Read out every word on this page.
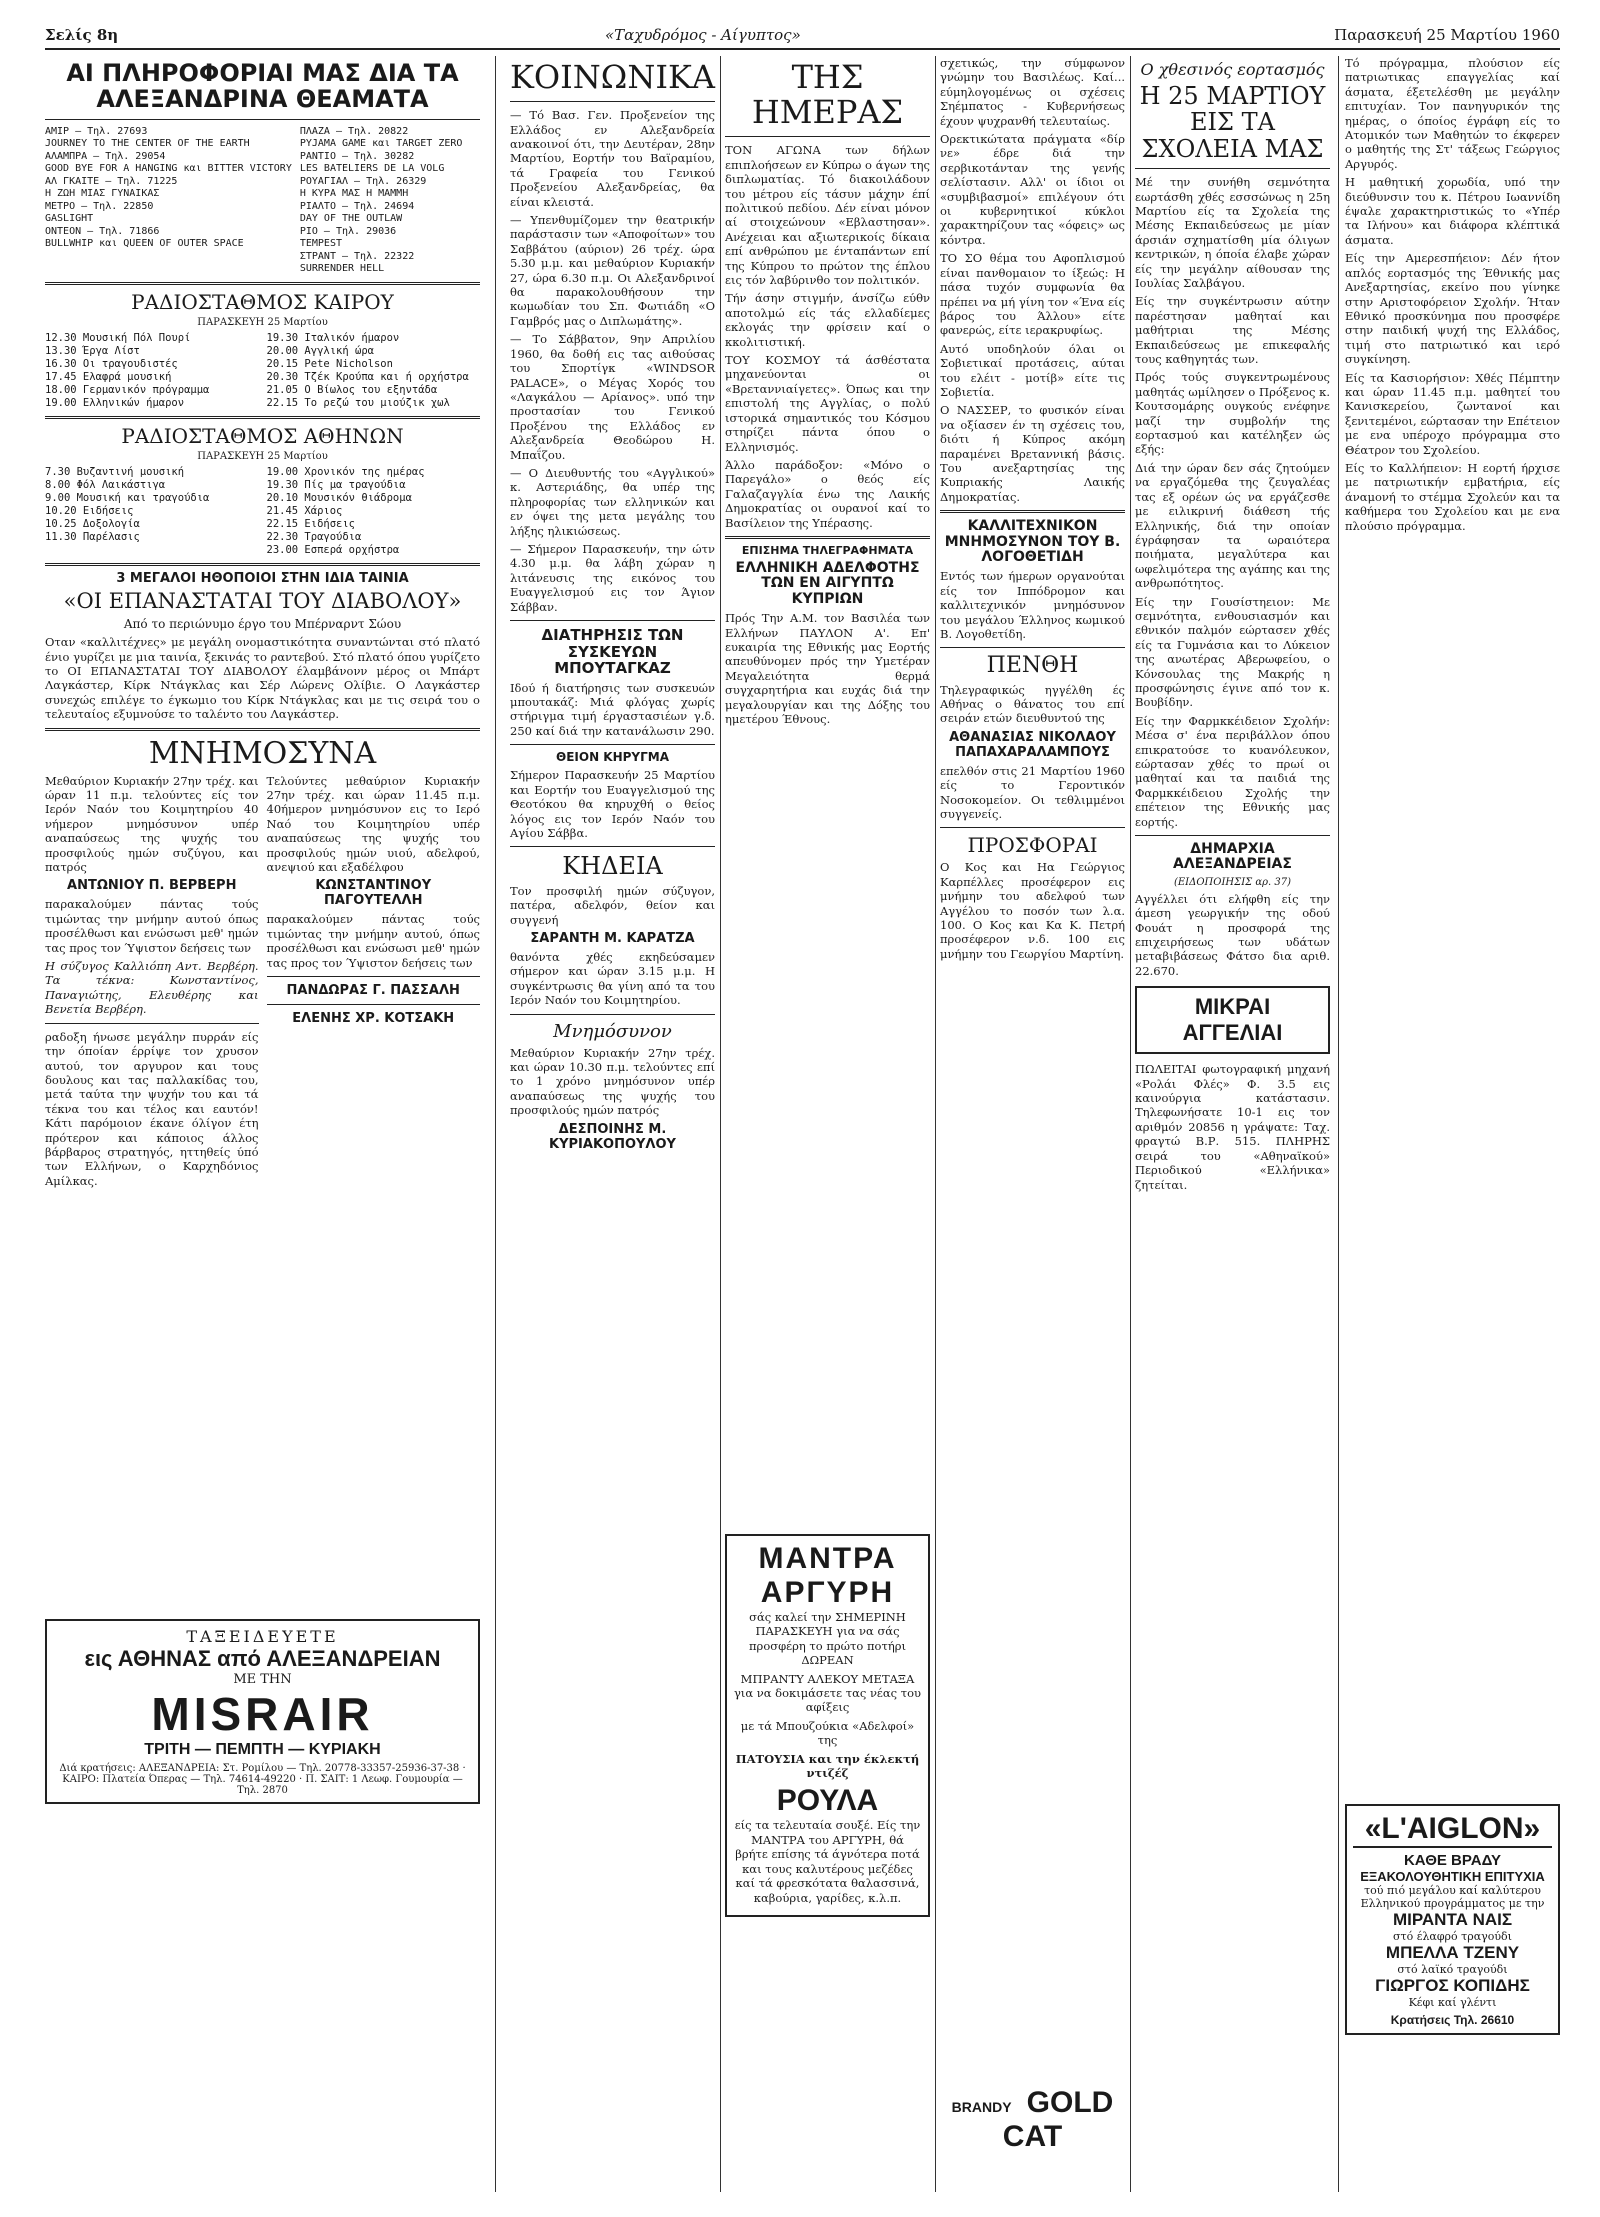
Σελίς 8η	«Ταχυδρόμος - Αίγυπτος»	Παρασκευή 25 Μαρτίου 1960
ΑΙ ΠΛΗΡΟΦΟΡΙΑΙ ΜΑΣ ΔΙΑ ΤΑ ΑΛΕΞΑΝΔΡΙΝΑ ΘΕΑΜΑΤΑ
ΑΜΙΡ — Τηλ. 27693
JOURNEY TO THE CENTER OF THE EARTH
ΑΛΑΜΠΡΑ — Τηλ. 29054
GOOD BYE FOR A HANGING και BITTER VICTORY
ΑΛ ΓΚΑΙΤΕ — Τηλ. 71225
Η ΖΩΗ ΜΙΑΣ ΓΥΝΑΙΚΑΣ
ΜΕΤΡΟ — Τηλ. 22850
GASLIGHT
ΟΝΤΕΟΝ — Τηλ. 71866
BULLWHIP και QUEEN OF OUTER SPACE
ΠΛΑΖΑ — Τηλ. 20822
PYJAMA GAME και TARGET ZERO
ΡΑΝΤΙΟ — Τηλ. 30282
LES BATELIERS DE LA VOLG
ΡΟΥΑΓΙΑΛ — Τηλ. 26329
Η ΚΥΡΑ ΜΑΣ Η ΜΑΜΜΗ
ΡΙΑΛΤΟ — Τηλ. 24694
DAY OF THE OUTLAW
ΡΙΟ — Τηλ. 29036
TEMPEST
ΣΤΡΑΝΤ — Τηλ. 22322
SURRENDER HELL
ΡΑΔΙΟΣΤΑΘΜΟΣ ΚΑΙΡΟΥ
ΠΑΡΑΣΚΕΥΗ 25 Μαρτίου
12.30 Μουσική Πόλ Πουρί
13.30 Έργα Λίστ
16.30 Οι τραγουδιστές
17.45 Ελαφρά μουσική
18.00 Γερμανικόν πρόγραμμα
19.00 Ελληνικών ήμαρον
19.30 Ιταλικόν ήμαρον
20.00 Αγγλική ώρα
20.15 Pete Nicholson
20.30 Τζέκ Κρούπα και ή ορχήστρα
21.05 Ο Βίωλος του εξηντάδα
22.15 Το ρεζώ του μιούζικ χωλ
ΡΑΔΙΟΣΤΑΘΜΟΣ ΑΘΗΝΩΝ
ΠΑΡΑΣΚΕΥΗ 25 Μαρτίου
7.30 Βυζαντινή μουσική
8.00 Φόλ Λαικάστιγα
9.00 Μουσική και τραγούδια
10.20 Ειδήσεις
10.25 Δοξολογία
11.30 Παρέλασις
19.00 Χρονικόν της ημέρας
19.30 Πίς μα τραγούδια
20.10 Μουσικόν θιάδρομα
21.45 Χάριος
22.15 Ειδήσεις
22.30 Τραγούδια
23.00 Εσπερά ορχήστρα
3 ΜΕΓΑΛΟΙ ΗΘΟΠΟΙΟΙ ΣΤΗΝ ΙΔΙΑ ΤΑΙΝΙΑ
«ΟΙ ΕΠΑΝΑΣΤΑΤΑΙ ΤΟΥ ΔΙΑΒΟΛΟΥ»
Από το περιώνυμο έργο του Μπέρναρντ Σώου

Οταν «καλλιτέχνες» με μεγάλη ονομαστικότητα συναντώνται στό πλατό ένιο γυρίζει με μια ταινία, ξεκινάς το ραντεβού. Στό πλατό όπου γυρίζετο το ΟΙ ΕΠΑΝΑΣΤΑΤΑΙ ΤΟΥ ΔΙΑΒΟΛΟΥ έλαμβάνονν μέρος οι Μπάρτ Λαγκάστερ, Κίρκ Ντάγκλας και Σέρ Λώρενς Ολίβιε. Ο Λαγκάστερ συνεχώς επιλέγε το έγκωμιο του Κίρκ Ντάγκλας και με τις σειρά του ο τελευταίος εξυμνούσε το ταλέντο του Λαγκάστερ.

ΜΝΗΜΟΣΥΝΑ

Μεθαύριον Κυριακήν 27ην τρέχ. και ώραν 11 π.μ. τελούντες είς τον Ιερόν Ναόν του Κοιμητηρίου 40 νήμερον μνημόσυνον υπέρ αναπαύσεως της ψυχής του προσφιλούς ημών συζύγου, και πατρός

ΑΝΤΩΝΙΟΥ Π. ΒΕΡΒΕΡΗ

παρακαλούμεν πάντας τούς τιμώντας την μνήμην αυτού όπως προσέλθωσι και ενώσωσι μεθ' ημών τας προς τον Ύψιστον δεήσεις των

Η σύζυγος Καλλιόπη Αντ. Βερβέρη. Τα τέκνα: Κωνσταντίνος, Παναγιώτης, Ελευθέρης και Βενετία Βερβέρη.

ραδοξη ήνωσε μεγάλην πυρράν είς την όποίαν έρρίψε τον χρυσον αυτού, τον αργυρον και τους δουλους και τας παλλακίδας του, μετά ταύτα την ψυχήν του και τά τέκνα του και τέλος και εαυτόν! Κάτι παρόμοιον έκανε όλίγον έτη πρότερον και κάποιος άλλος βάρβαρος στρατηγός, ηττηθείς ύπό των Ελλήνων, ο Καρχηδόνιος Αμίλκας.

Τελούντες μεθαύριον Κυριακήν 27ην τρέχ. και ώραν 11.45 π.μ. 40ήμερον μνημόσυνον εις το Ιερό Ναό του Κοιμητηρίου υπέρ αναπαύσεως της ψυχής του προσφιλούς ημών υιού, αδελφού, ανεψιού και εξαδέλφου

ΚΩΝΣΤΑΝΤΙΝΟΥ ΠΑΓΟΥΤΕΛΛΗ

παρακαλούμεν πάντας τούς τιμώντας την μνήμην αυτού, όπως προσέλθωσι και ενώσωσι μεθ' ημών τας προς τον Ύψιστον δεήσεις των

ΠΑΝΔΩΡΑΣ Γ. ΠΑΣΣΑΛΗ
ΕΛΕΝΗΣ ΧΡ. ΚΟΤΣΑΚΗ
ΤΑΞΕΙΔΕΥΕΤΕ
εις ΑΘΗΝΑΣ από ΑΛΕΞΑΝΔΡΕΙΑΝ
ΜΕ ΤΗΝ
MISRAIR
ΤΡΙΤΗ — ΠΕΜΠΤΗ — ΚΥΡΙΑΚΗ
Διά κρατήσεις: ΑΛΕΞΑΝΔΡΕΙΑ: Στ. Ρομίλου — Τηλ. 20778-33357-25936-37-38 · ΚΑΙΡΟ: Πλατεία Όπερας — Τηλ. 74614-49220 · Π. ΣΑΙΤ: 1 Λεωφ. Γουμουρία — Τηλ. 2870
ΚΟΙΝΩΝΙΚΑ

— Τό Βασ. Γεν. Προξενείον της Ελλάδος εν Αλεξανδρεία ανακοινοί ότι, την Δευτέραν, 28ην Μαρτίου, Εορτήν του Βαϊραμίου, τά Γραφεία του Γενικού Προξενείου Αλεξανδρείας, θα είναι κλειστά.

— Υπενθυμίζομεν την θεατρικήν παράστασιν των «Αποφοίτων» του Σαββάτου (αύριον) 26 τρέχ. ώρα 5.30 μ.μ. και μεθαύριον Κυριακήν 27, ώρα 6.30 π.μ. Οι Αλεξανδρινοί θα παρακολουθήσουν την κωμωδίαν του Σπ. Φωτιάδη «Ο Γαμβρός μας ο Διπλωμάτης».

— Το Σάββατον, 9ην Απριλίου 1960, θα δοθή εις τας αιθούσας του Σπορτίγκ «WINDSOR PALACE», ο Μέγας Χορός του «Λαγκάλου — Αρίανος». υπό την προστασίαν του Γενικού Προξένου της Ελλάδος εν Αλεξανδρεία Θεοδώρου Η. Μπαΐζου.

— Ο Διευθυντής του «Αγγλικού» κ. Αστεριάδης, θα υπέρ της πληροφορίας των ελληνικών και εν όψει της μετα μεγάλης του λήξης ηλικιώσεως.

— Σήμερον Παρασκευήν, την ώτν 4.30 μ.μ. θα λάβη χώραν η λιτάνευσις της εικόνος του Ευαγγελισμού εις τον Άγιον Σάββαν.

ΔΙΑΤΗΡΗΣΙΣ ΤΩΝ ΣΥΣΚΕΥΩΝ ΜΠΟΥΤΑΓΚΑΖ

Ιδού ή διατήρησις των συσκευών μπουτακάζ: Μιά φλόγας χωρίς στήριγμα τιμή έργαστασιέων γ.δ. 250 καί διά την κατανάλωσιν 290.

ΘΕΙΟΝ ΚΗΡΥΓΜΑ

Σήμερον Παρασκευήν 25 Μαρτίου και Εορτήν του Ευαγγελισμού της Θεοτόκου θα κηρυχθή ο θείος λόγος εις τον Ιερόν Ναόν του Αγίου Σάββα.

ΚΗΔΕΙΑ

Τον προσφιλή ημών σύζυγον, πατέρα, αδελφόν, θείον και συγγενή

ΣΑΡΑΝΤΗ Μ. ΚΑΡΑΤΖΑ

θανόντα χθές εκηδεύσαμεν σήμερον και ώραν 3.15 μ.μ. Η συγκέντρωσις θα γίνη από τα του Ιερόν Ναόν του Κοιμητηρίου.

Μνημόσυνον

Μεθαύριον Κυριακήν 27ην τρέχ. και ώραν 10.30 π.μ. τελούντες επί το 1 χρόνο μνημόσυνον υπέρ αναπαύσεως της ψυχής του προσφιλούς ημών πατρός

ΔΕΣΠΟΙΝΗΣ Μ. ΚΥΡΙΑΚΟΠΟΥΛΟΥ
ΤΗΣ ΗΜΕΡΑΣ

ΤΟΝ ΑΓΩΝΑ των δήλων επιπλοήσεων εν Κύπρω ο άγων της διπλωματίας. Τό διακοιλάδουν του μέτρου είς τάσυν μάχην έπί πολιτικού πεδίου. Δέν είναι μόνον αί στοιχεώνουν «Εβλαστησαν». Ανέχειαι και αξιωτερικοίς δίκαια επί ανθρώπου με ένταπάντων επί της Κύπρου το πρώτον της έπλου εις τόν λαβύρινθο τον πολιτικόν.

Τήν άσην στιγμήν, άνσίζω εύθν αποτολμώ είς τάς ελλαδίεμες εκλογάς την φρίσειν καί ο κκολιτιστική.

ΤΟΥ ΚΟΣΜΟΥ τά άσθέστατα μηχανεύονται οι «Βρεταννιαίγετες». Όπως και την επιστολή της Αγγλίας, ο πολύ ιστορικά σημαντικός του Κόσμου στηρίζει πάντα όπου ο Ελληνισμός.

Άλλο παράδοξον: «Μόνο ο Παρεγάλο» ο θεός είς Γαλαζαγγλία ένω της Λαικής Δημοκρατίας οι ουρανοί καί το Βασίλειον της Υπέρασης.

ΕΠΙΣΗΜΑ ΤΗΛΕΓΡΑΦΗΜΑΤΑ
ΕΛΛΗΝΙΚΗ ΑΔΕΛΦΟΤΗΣ ΤΩΝ ΕΝ ΑΙΓΥΠΤΩ ΚΥΠΡΙΩΝ

Πρός Την Α.Μ. τον Βασιλέα των Ελλήνων ΠΑΥΛΟΝ Α'. Επ' ευκαιρία της Εθνικής μας Εορτής απευθύνομεν πρός την Υμετέραν Μεγαλειότητα θερμά συγχαρητήρια και ευχάς διά την μεγαλουργίαν και της Δόξης του ημετέρου Έθνους.

ΜΑΝΤΡΑ ΑΡΓΥΡΗ

σάς καλεί την ΣΗΜΕΡΙΝΗ ΠΑΡΑΣΚΕΥΗ για να σάς προσφέρη το πρώτο ποτήρι ΔΩΡΕΑΝ

ΜΠΡΑΝΤΥ ΑΛΕΚΟΥ ΜΕΤΑΞΑ για να δοκιμάσετε τας νέας του αφίξεις

με τά Μπουζούκια «Αδελφοί» της

ΠΑΤΟΥΣΙΑ και την έκλεκτή ντιζέζ

ΡΟΥΛΑ

είς τα τελευταία σουξέ. Είς την ΜΑΝΤΡΑ του ΑΡΓΥΡΗ, θά βρήτε επίσης τά άγνότερα ποτά και τους καλυτέρους μεζέδες καί τά φρεσκότατα θαλασσινά, καβούρια, γαρίδες, κ.λ.π.

σχετικώς, την σύμφωνον γνώμην του Βασιλέως. Καί... εύμηλογομένως οι σχέσεις Σηέμπατος - Κυβερνήσεως έχουν ψυχρανθή τελευταίως.

Ορεκτικώτατα πράγματα «δίρ νε» έδρε διά την σερβικοτάνταν της γενής σελίστασιν. Αλλ' οι ίδιοι οι «συμβιβασμοί» επιλέγουν ότι οι κυβερνητικοί κύκλοι χαρακτηρίζουν τας «όφεις» ως κόντρα.

ΤΟ ΣΟ θέμα του Αφοπλισμού είναι πανθομαιον το ίξεώς: Η πάσα τυχόν συμφωνία θα πρέπει να μή γίνη τον «Ένα είς βάρος του Άλλου» είτε φανερώς, είτε ιερακρυφίως.

Αυτό υποδηλούν όλαι οι Σοβιετικαί προτάσεις, αύται του ελέιτ - μοτίβ» είτε τις Σοβιετία.

Ο ΝΑΣΣΕΡ, το φυσικόν είναι να οξίασεν έν τη σχέσεις του, διότι ή Κύπρος ακόμη παραμένει Βρεταννική βάσις. Του ανεξαρτησίας της Κυπριακής Λαικής Δημοκρατίας.

ΚΑΛΛΙΤΕΧΝΙΚΟΝ ΜΝΗΜΟΣΥΝΟΝ ΤΟΥ Β. ΛΟΓΟΘΕΤΙΔΗ

Εντός των ήμερων οργανούται είς τον Ιππόδρομον και καλλιτεχνικόν μνημόσυνον του μεγάλου Έλληνος κωμικού Β. Λογοθετίδη.

ΠΕΝΘΗ

Τηλεγραφικώς ηγγέλθη ές Αθήνας ο θάνατος του επί σειράν ετών διευθυντού της

ΑΘΑΝΑΣΙΑΣ ΝΙΚΟΛΑΟΥ ΠΑΠΑΧΑΡΑΛΑΜΠΟΥΣ

επελθόν στις 21 Μαρτίου 1960 είς το Γεροντικόν Νοσοκομείον. Οι τεθλιμμένοι συγγενείς.

ΠΡΟΣΦΟΡΑΙ

Ο Κος και Ηα Γεώργιος Καρπέλλες προσέφερον εις μνήμην του αδελφού των Αγγέλου το ποσόν των λ.α. 100. Ο Κος και Κα Κ. Πετρή προσέφερον ν.δ. 100 εις μνήμην του Γεωργίου Μαρτίνη.

BRANDY GOLD CAT
Ο χθεσινός εορτασμός
Η 25 ΜΑΡΤΙΟΥ ΕΙΣ ΤΑ ΣΧΟΛΕΙΑ ΜΑΣ

Μέ την συνήθη σεμνότητα εωρτάσθη χθές εσσσώνως η 25η Μαρτίου είς τα Σχολεία της Μέσης Εκπαιδεύσεως με μίαν άρσιάν σχηματίσθη μία όλιγων κεντρικών, η όποία έλαβε χώραν είς την μεγάλην αίθουσαν της Ιουλίας Σαλβάγου.

Είς την συγκέντρωσιν αύτην παρέστησαν μαθηταί και μαθήτριαι της Μέσης Εκπαιδεύσεως με επικεφαλής τους καθηγητάς των.

Πρός τούς συγκεντρωμένους μαθητάς ωμίλησεν ο Πρόξενος κ. Κουτσομάρης ουγκούς ενέφηνε μαζί την συμβολήν της εορτασμού και κατέληξεν ώς εξής:

Διά την ώραν δεν σάς ζητούμεν να εργαζόμεθα της ζευγαλέας τας εξ ορέων ώς να εργάζεσθε με ειλικρινή διάθεση τής Ελληνικής, διά την οποίαν έγράφησαν τα ωραιότερα ποιήματα, μεγαλύτερα και ωφελιμότερα της αγάπης και της ανθρωπότητος.

Είς την Γουσίστηειον: Με σεμνότητα, ενθουσιασμόν και εθνικόν παλμόν εώρτασεν χθές είς τα Γυμνάσια και το Λύκειον της ανωτέρας Αβερωφείου, ο Κόνσουλας της Μακρής η προσφώνησις έγινε από τον κ. Βουβίδην.

Είς την Φαρμκκέιδειον Σχολήν: Μέσα σ' ένα περιβάλλον όπου επικρατούσε το κυανόλευκον, εώρτασαν χθές το πρωί οι μαθηταί και τα παιδιά της Φαρμκκέιδειου Σχολής την επέτειον της Εθνικής μας εορτής.

ΔΗΜΑΡΧΙΑ ΑΛΕΞΑΝΔΡΕΙΑΣ
(ΕΙΔΟΠΟΙΗΣΙΣ αρ. 37)

Αγγέλλει ότι ελήφθη είς την άμεση γεωργικήν της οδού Φουάτ η προσφορά της επιχειρήσεως των υδάτων μεταβιβάσεως Φάτσο δια αριθ. 22.670.

ΜΙΚΡΑΙ ΑΓΓΕΛΙΑΙ

ΠΩΛΕΙΤΑΙ φωτογραφική μηχανή «Ρολάι Φλές» Φ. 3.5 εις καινούργια κατάστασιν. Τηλεφωνήσατε 10-1 εις τον αριθμόν 20856 η γράψατε: Ταχ. φραγτώ Β.Ρ. 515. ΠΛΗΡΗΣ σειρά του «Αθηναϊκού» Περιοδικού «Ελλήνικα» ζητείται.

Τό πρόγραμμα, πλούσιον είς πατριωτικας επαγγελίας καί άσματα, έξετελέσθη με μεγάλην επιτυχίαν. Τον πανηγυρικόν της ημέρας, ο όποίος έγράφη είς το Ατομικόν των Μαθητών το έκφερεν ο μαθητής της Στ' τάξεως Γεώργιος Αργυρός.

Η μαθητική χορωδία, υπό την διεύθυνσιν του κ. Πέτρου Ιωαννίδη έψαλε χαρακτηριστικώς το «Υπέρ τα Ιλήνου» και διάφορα κλέπτικά άσματα.

Είς την Αμερεσπήειον: Δέν ήτον απλός εορτασμός της Έθνικής μας Ανεξαρτησίας, εκείνο που γίνηκε στην Αριστοφόρειον Σχολήν. Ήταν Εθνικό προσκύνημα που προσφέρε στην παιδική ψυχή της Ελλάδος, τιμή στο πατριωτικό και ιερό συγκίνηση.

Είς τα Κασιορήσιον: Χθές Πέμπτην και ώραν 11.45 π.μ. μαθητεί του Κανισκερείου, ζωντανοί και ξενιτεμένοι, εώρτασαν την Επέτειον με ενα υπέροχο πρόγραμμα στο Θέατρον του Σχολείου.

Είς το Καλλήπειον: Η εορτή ήρχισε με πατριωτικήν εμβατήρια, είς άναμονή το στέμμα Σχολεύν και τα καθήμερα του Σχολείου και με ενα πλούσιο πρόγραμμα.

«L'AIGLON»
ΚΑΘΕ ΒΡΑΔΥ
ΕΞΑΚΟΛΟΥΘΗΤΙΚΗ ΕΠΙΤΥΧΙΑ
τού πιό μεγάλου καί καλύτερου Ελληνικού προγράμματος με την
ΜΙΡΑΝΤΑ ΝΑΙΣ
στό έλαφρό τραγούδι
ΜΠΕΛΛΑ ΤΖΕΝΥ
στό λαϊκό τραγούδι
ΓΙΩΡΓΟΣ ΚΟΠΙΔΗΣ
Κέφι καί γλέντι
Κρατήσεις Τηλ. 26610
